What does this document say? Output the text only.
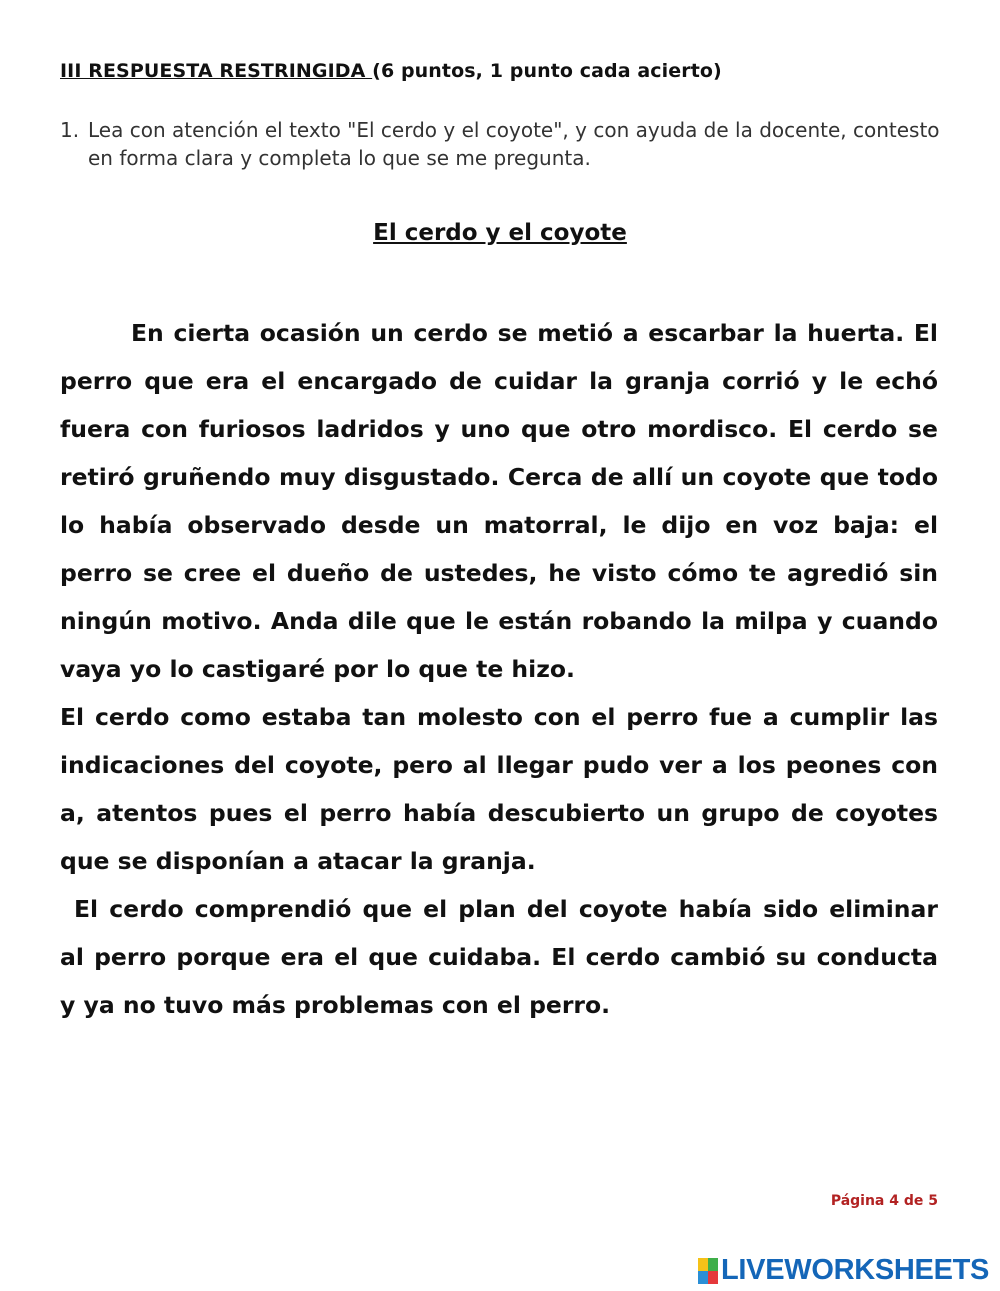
III RESPUESTA RESTRINGIDA (6 puntos, 1 punto cada acierto)
1. Lea con atención el texto "El cerdo y el coyote", y con ayuda de la docente, contesto en forma clara y completa lo que se me pregunta.
El cerdo y el coyote

En cierta ocasión un cerdo se metió a escarbar la huerta. El perro que era el encargado de cuidar la granja corrió y le echó fuera con furiosos ladridos y uno que otro mordisco. El cerdo se retiró gruñendo muy disgustado. Cerca de allí un coyote que todo lo había observado desde un matorral, le dijo en voz baja: el perro se cree el dueño de ustedes, he visto cómo te agredió sin ningún motivo. Anda dile que le están robando la milpa y cuando vaya yo lo castigaré por lo que te hizo.

El cerdo como estaba tan molesto con el perro fue a cumplir las indicaciones del coyote, pero al llegar pudo ver a los peones con a, atentos pues el perro había descubierto un grupo de coyotes que se disponían a atacar la granja.

El cerdo comprendió que el plan del coyote había sido eliminar al perro porque era el que cuidaba. El cerdo cambió su conducta y ya no tuvo más problemas con el perro.

Página 4 de 5
LIVEWORKSHEETS
